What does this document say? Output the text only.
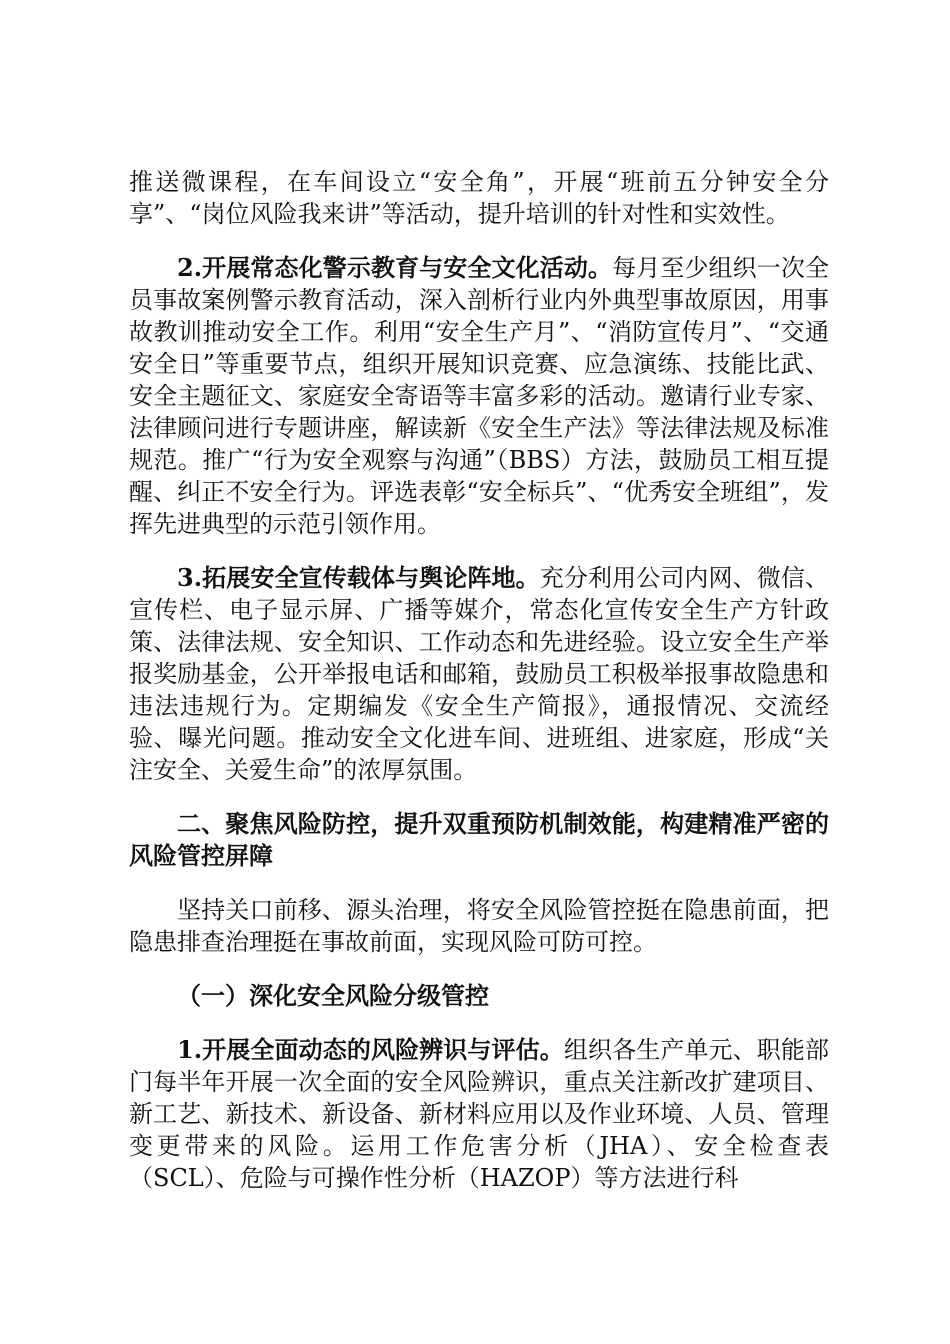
推送微课程，在车间设立“安全角”，开展“班前五分钟安全分享”、“岗位风险我来讲”等活动，提升培训的针对性和实效性。

2.开展常态化警示教育与安全文化活动。每月至少组织一次全员事故案例警示教育活动，深入剖析行业内外典型事故原因，用事故教训推动安全工作。利用“安全生产月”、“消防宣传月”、“交通安全日”等重要节点，组织开展知识竞赛、应急演练、技能比武、安全主题征文、家庭安全寄语等丰富多彩的活动。邀请行业专家、法律顾问进行专题讲座，解读新《安全生产法》等法律法规及标准规范。推广“行为安全观察与沟通”（BBS）方法，鼓励员工相互提醒、纠正不安全行为。评选表彰“安全标兵”、“优秀安全班组”，发挥先进典型的示范引领作用。

3.拓展安全宣传载体与舆论阵地。充分利用公司内网、微信、宣传栏、电子显示屏、广播等媒介，常态化宣传安全生产方针政策、法律法规、安全知识、工作动态和先进经验。设立安全生产举报奖励基金，公开举报电话和邮箱，鼓励员工积极举报事故隐患和违法违规行为。定期编发《安全生产简报》，通报情况、交流经验、曝光问题。推动安全文化进车间、进班组、进家庭，形成“关注安全、关爱生命”的浓厚氛围。

二、聚焦风险防控，提升双重预防机制效能，构建精准严密的风险管控屏障

坚持关口前移、源头治理，将安全风险管控挺在隐患前面，把隐患排查治理挺在事故前面，实现风险可防可控。

（一）深化安全风险分级管控

1.开展全面动态的风险辨识与评估。组织各生产单元、职能部门每半年开展一次全面的安全风险辨识，重点关注新改扩建项目、新工艺、新技术、新设备、新材料应用以及作业环境、人员、管理变更带来的风险。运用工作危害分析（JHA）、安全检查表（SCL）、危险与可操作性分析（HAZOP）等方法进行科
